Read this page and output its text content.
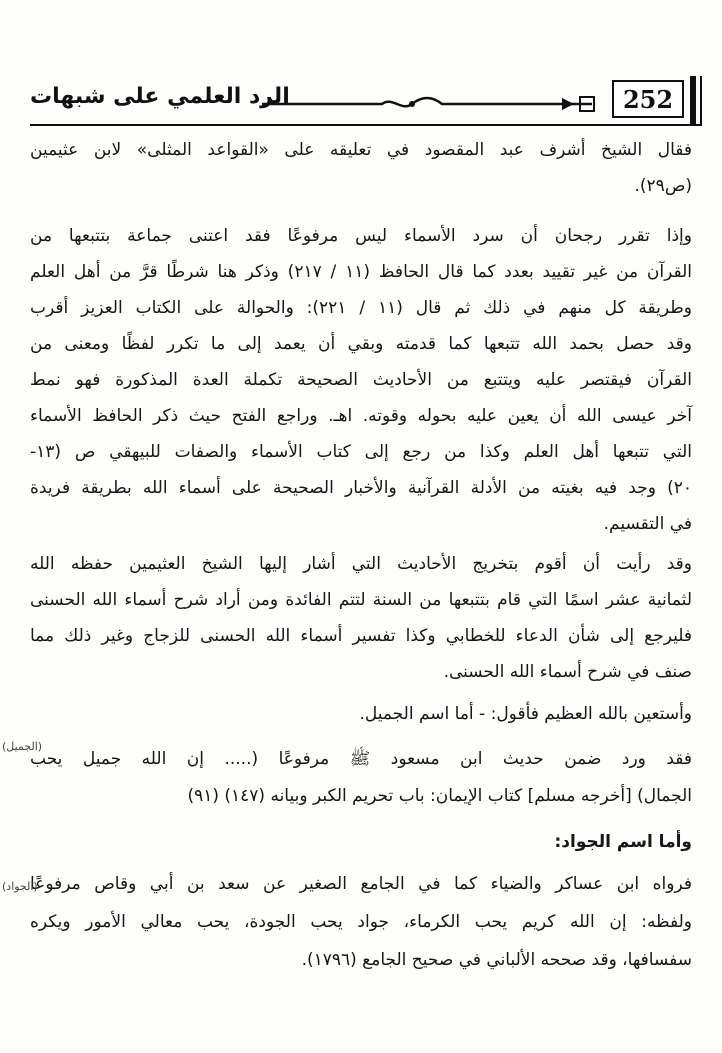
الرد العلمي على شبهات	252
فقال الشيخ أشرف عبد المقصود في تعليقه على «القواعد المثلى» لابن عثيمين
(ص٢٩).
وإذا تقرر رجحان أن سرد الأسماء ليس مرفوعًا فقد اعتنى جماعة بتتبعها من
القرآن من غير تقييد بعدد كما قال الحافظ (١١ / ٢١٧) وذكر هنا شرطًا قرَّ من أهل العلم
وطريقة كل منهم في ذلك ثم قال (١١ / ٢٢١): والحوالة على الكتاب العزيز أقرب
وقد حصل بحمد الله تتبعها كما قدمته وبقي أن يعمد إلى ما تكرر لفظًا ومعنى من
القرآن فيقتصر عليه ويتتبع من الأحاديث الصحيحة تكملة العدة المذكورة فهو نمط
آخر عيسى الله أن يعين عليه بحوله وقوته. اهـ. وراجع الفتح حيث ذكر الحافظ الأسماء
التي تتبعها أهل العلم وكذا من رجع إلى كتاب الأسماء والصفات للبيهقي ص (١٣-
٢٠) وجد فيه بغيته من الأدلة القرآنية والأخبار الصحيحة على أسماء الله بطريقة فريدة
في التقسيم.
وقد رأيت أن أقوم بتخريج الأحاديث التي أشار إليها الشيخ العثيمين حفظه الله
لثمانية عشر اسمًا التي قام بتتبعها من السنة لتتم الفائدة ومن أراد شرح أسماء الله الحسنى
فليرجع إلى شأن الدعاء للخطابي وكذا تفسير أسماء الله الحسنى للزجاج وغير ذلك مما
صنف في شرح أسماء الله الحسنى.
وأستعين بالله العظيم فأقول: - أما اسم الجميل.
فقد ورد ضمن حديث ابن مسعود ﷺ مرفوعًا (..... إن الله جميل يحب
الجمال) [أخرجه مسلم] كتاب الإيمان: باب تحريم الكبر وبيانه (١٤٧) (٩١)
وأما اسم الجواد:
فرواه ابن عساكر والضياء كما في الجامع الصغير عن سعد بن أبي وقاص مرفوعًا
ولفظه: إن الله كريم يحب الكرماء، جواد يحب الجودة، يحب معالي الأمور ويكره
سفسافها، وقد صححه الألباني في صحيح الجامع (١٧٩٦).
(الجميل)
(الجواد)
